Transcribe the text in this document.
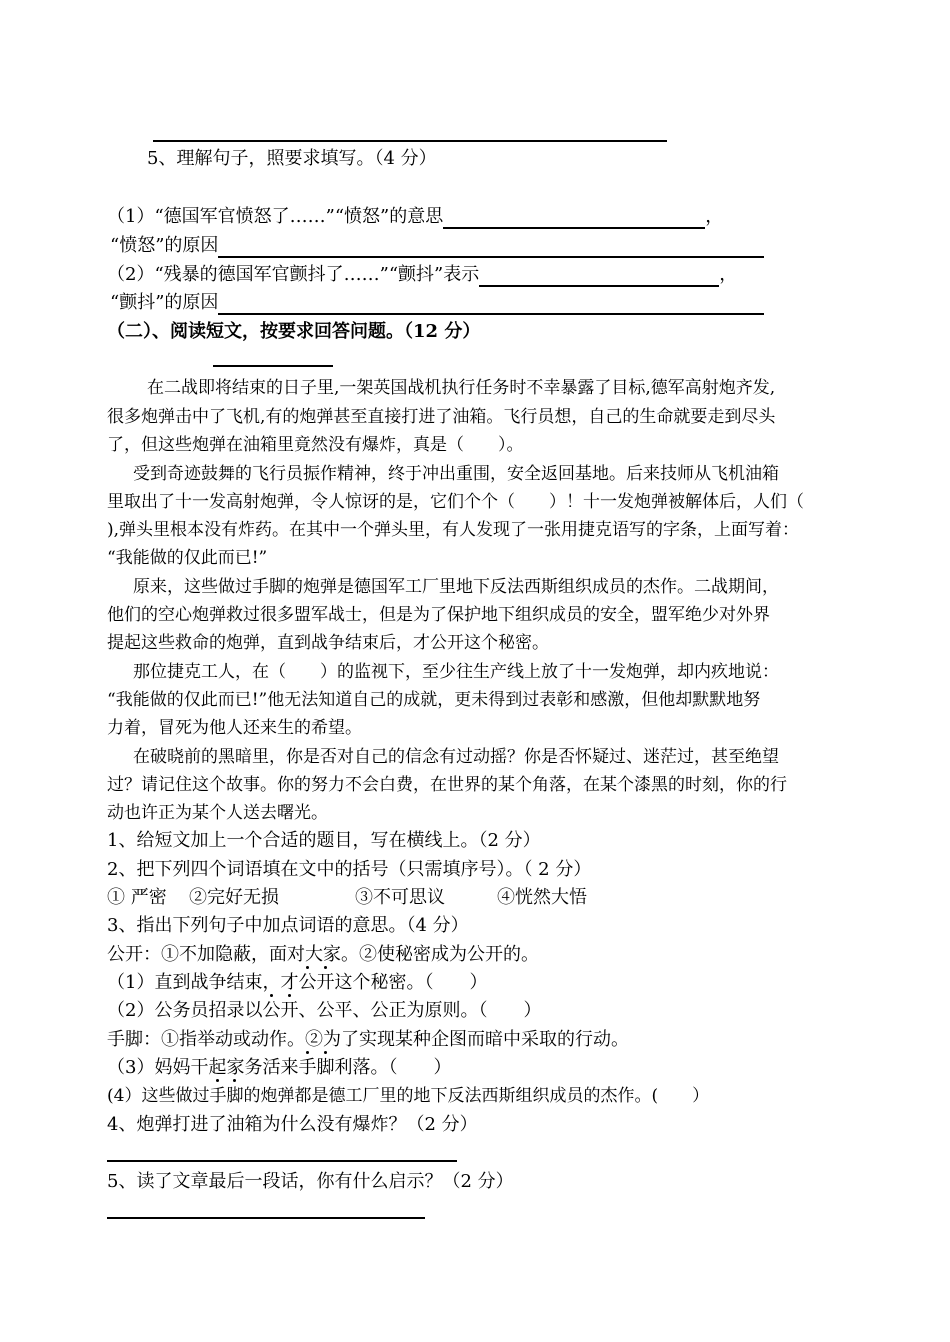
5、理解句子，照要求填写。（4 分）
（1）“德国军官愤怒了……”“愤怒”的意思	，
“愤怒”的原因
（2）“残暴的德国军官颤抖了……”“颤抖”表示	，
“颤抖”的原因
（二）、阅读短文，按要求回答问题。（12 分）
在二战即将结束的日子里,一架英国战机执行任务时不幸暴露了目标,德军高射炮齐发,
很多炮弹击中了飞机,有的炮弹甚至直接打进了油箱。飞行员想，自己的生命就要走到尽头
了，但这些炮弹在油箱里竟然没有爆炸，真是（　　）。
受到奇迹鼓舞的飞行员振作精神，终于冲出重围，安全返回基地。后来技师从飞机油箱
里取出了十一发高射炮弹，令人惊讶的是，它们个个（　　）！十一发炮弹被解体后，人们（
),弹头里根本没有炸药。在其中一个弹头里，有人发现了一张用捷克语写的字条，上面写着：
“我能做的仅此而已!”
原来，这些做过手脚的炮弹是德国军工厂里地下反法西斯组织成员的杰作。二战期间，
他们的空心炮弹救过很多盟军战士，但是为了保护地下组织成员的安全，盟军绝少对外界
提起这些救命的炮弹，直到战争结束后，才公开这个秘密。
那位捷克工人，在（　　）的监视下，至少往生产线上放了十一发炮弹，却内疚地说：
“我能做的仅此而已!”他无法知道自己的成就，更未得到过表彰和感激，但他却默默地努
力着，冒死为他人还来生的希望。
在破晓前的黑暗里，你是否对自己的信念有过动摇？你是否怀疑过、迷茫过，甚至绝望
过？请记住这个故事。你的努力不会白费，在世界的某个角落，在某个漆黑的时刻，你的行
动也许正为某个人送去曙光。
1、给短文加上一个合适的题目，写在横线上。（2 分）
2、把下列四个词语填在文中的括号（只需填序号）。（ 2 分）
① 严密 ②完好无损	③不可思议	④恍然大悟
3、指出下列句子中加点词语的意思。（4 分）
公开：①不加隐蔽，面对大家。②使秘密成为公开的。
（1）直到战争结束，才公开这个秘密。（　　）
（2）公务员招录以公开、公平、公正为原则。（　　）
手脚：①指举动或动作。②为了实现某种企图而暗中采取的行动。
（3）妈妈干起家务活来手脚利落。（　　）
(4）这些做过手脚的炮弹都是德工厂里的地下反法西斯组织成员的杰作。(　　）
4、炮弹打进了油箱为什么没有爆炸？（2 分）
5、读了文章最后一段话，你有什么启示？（2 分）
